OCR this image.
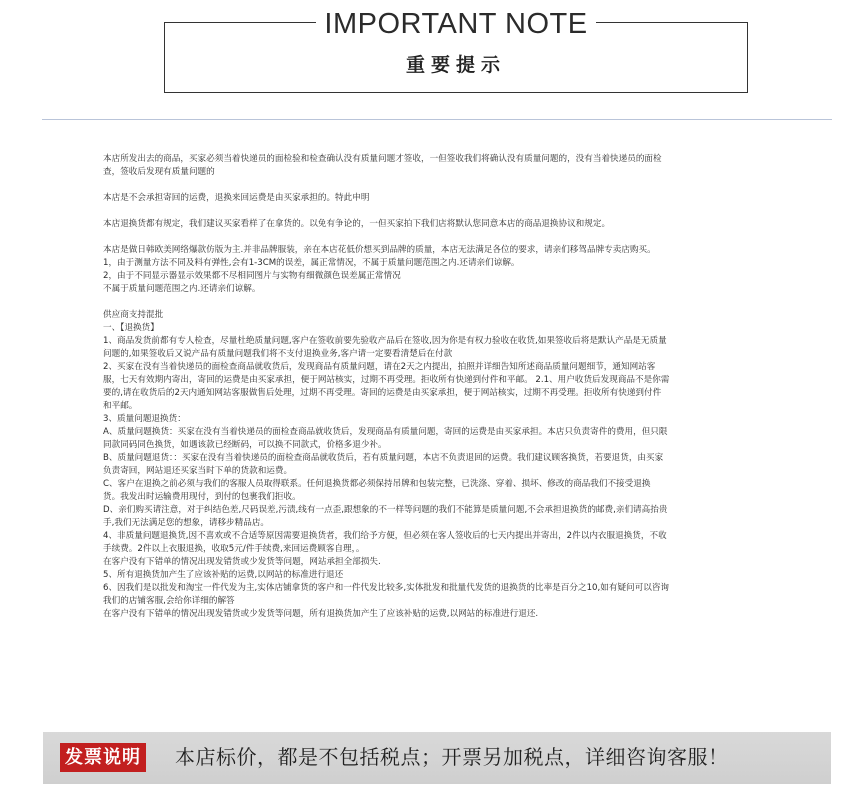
IMPORTANT NOTE
重要提示

本店所发出去的商品，买家必须当着快递员的面检验和检查确认没有质量问题才签收，一但签收我们将确认没有质量问题的，没有当着快递员的面检

查，签收后发现有质量问题的

本店是不会承担寄回的运费，退换来回运费是由买家承担的。特此申明

本店退换货都有规定，我们建议买家看样了在拿货的。以免有争论的，一但买家拍下我们店将默认您同意本店的商品退换协议和规定。

本店是做日韩欧美网络爆款仿版为主.并非品牌服装，亲在本店花低价想买到品牌的质量，本店无法满足各位的要求，请亲们移驾品牌专卖店购买。

1，由于测量方法不同及料有弹性,会有1-3CM的误差，属正常情况，不属于质量问题范围之内.还请亲们谅解。

2，由于不同显示器显示效果都不尽相同图片与实物有细微颜色误差属正常情况

不属于质量问题范围之内.还请亲们谅解。

供应商支持混批

一、【退换货】

1、商品发货前都有专人检查，尽量杜绝质量问题,客户在签收前要先验收产品后在签收,因为你是有权力验收在收货,如果签收后将是默认产品是无质量

问题的,如果签收后又说产品有质量问题我们将不支付退换业务,客户请一定要看清楚后在付款

2、买家在没有当着快递员的面检查商品就收货后，发现商品有质量问题，请在2天之内提出，拍照并详细告知所述商品质量问题细节，通知网站客

服，七天有效期内寄出，寄回的运费是由买家承担，便于网站核实，过期不再受理。拒收所有快递到付件和平邮。 2.1、用户收货后发现商品不是你需

要的,请在收货后的2天内通知网站客服做售后处理，过期不再受理。寄回的运费是由买家承担，便于网站核实，过期不再受理。拒收所有快递到付件

和平邮。

3、质量问题退换货：

A、质量问题换货：买家在没有当着快递员的面检查商品就收货后，发现商品有质量问题，寄回的运费是由买家承担。本店只负责寄件的费用，但只限

同款同码同色换货，如遇该款已经断码，可以换不同款式，价格多退少补。

B、质量问题退货：：买家在没有当着快递员的面检查商品就收货后，若有质量问题，本店不负责退回的运费。我们建议顾客换货，若要退货，由买家

负责寄回，网站退还买家当时下单的货款和运费。

C、客户在退换之前必须与我们的客服人员取得联系。任何退换货都必须保持吊牌和包装完整，已洗涤、穿着、损坏、修改的商品我们不接受退换

货。我发出时运输费用现付，到付的包裹我们拒收。

D、亲们购买请注意，对于纠结色差,尺码误差,污渍,线有一点歪,跟想象的不一样等问题的我们不能算是质量问题,不会承担退换货的邮费,亲们请高抬贵

手,我们无法满足您的想象，请移步精品店。

4、非质量问题退换货,因不喜欢或不合适等原因需要退换货者，我们给予方便，但必须在客人签收后的七天内提出并寄出，2件以内衣服退换货，不收

手续费。2件以上衣服退换，收取5元/件手续费,来回运费顾客自理，。

在客户没有下错单的情况出现发错货或少发货等问题，网站承担全部损失.

5、所有退换货加产生了应该补贴的运费,以网站的标准进行退还

6、因我们是以批发和淘宝一件代发为主,实体店铺拿货的客户和一件代发比较多,实体批发和批量代发货的退换货的比率是百分之10,如有疑问可以咨询

我们的店铺客服,会给你详细的解答

在客户没有下错单的情况出现发错货或少发货等问题，所有退换货加产生了应该补贴的运费,以网站的标准进行退还.

发票说明 本店标价，都是不包括税点；开票另加税点，详细咨询客服！
